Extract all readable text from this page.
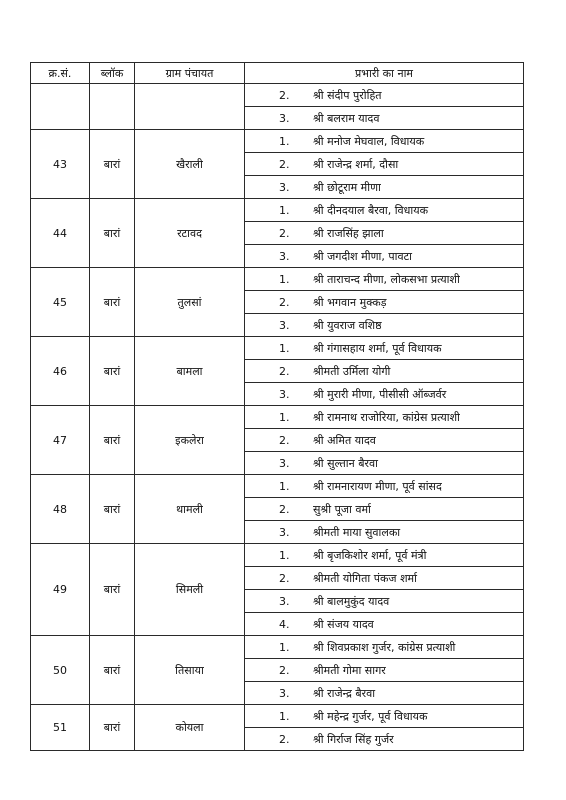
क्र.सं.	ब्लॉक	ग्राम पंचायत	प्रभारी का नाम
			2. श्री संदीप पुरोहित
			3. श्री बलराम यादव
43	बारां	खैराली	1. श्री मनोज मेघवाल, विधायक
			2. श्री राजेन्द्र शर्मा, दौसा
			3. श्री छोटूराम मीणा
44	बारां	रटावद	1. श्री दीनदयाल बैरवा, विधायक
			2. श्री राजसिंह झाला
			3. श्री जगदीश मीणा, पावटा
45	बारां	तुलसां	1. श्री ताराचन्द मीणा, लोकसभा प्रत्याशी
			2. श्री भगवान मुक्कड़
			3. श्री युवराज वशिष्ठ
46	बारां	बामला	1. श्री गंगासहाय शर्मा, पूर्व विधायक
			2. श्रीमती उर्मिला योगी
			3. श्री मुरारी मीणा, पीसीसी ऑब्जर्वर
47	बारां	इकलेरा	1. श्री रामनाथ राजोरिया, कांग्रेस प्रत्याशी
			2. श्री अमित यादव
			3. श्री सुल्तान बैरवा
48	बारां	थामली	1. श्री रामनारायण मीणा, पूर्व सांसद
			2. सुश्री पूजा वर्मा
			3. श्रीमती माया सुवालका
49	बारां	सिमली	1. श्री बृजकिशोर शर्मा, पूर्व मंत्री
			2. श्रीमती योगिता पंकज शर्मा
			3. श्री बालमुकुंद यादव
			4. श्री संजय यादव
50	बारां	तिसाया	1. श्री शिवप्रकाश गुर्जर, कांग्रेस प्रत्याशी
			2. श्रीमती गोमा सागर
			3. श्री राजेन्द्र बैरवा
51	बारां	कोयला	1. श्री महेन्द्र गुर्जर, पूर्व विधायक
			2. श्री गिर्राज सिंह गुर्जर
